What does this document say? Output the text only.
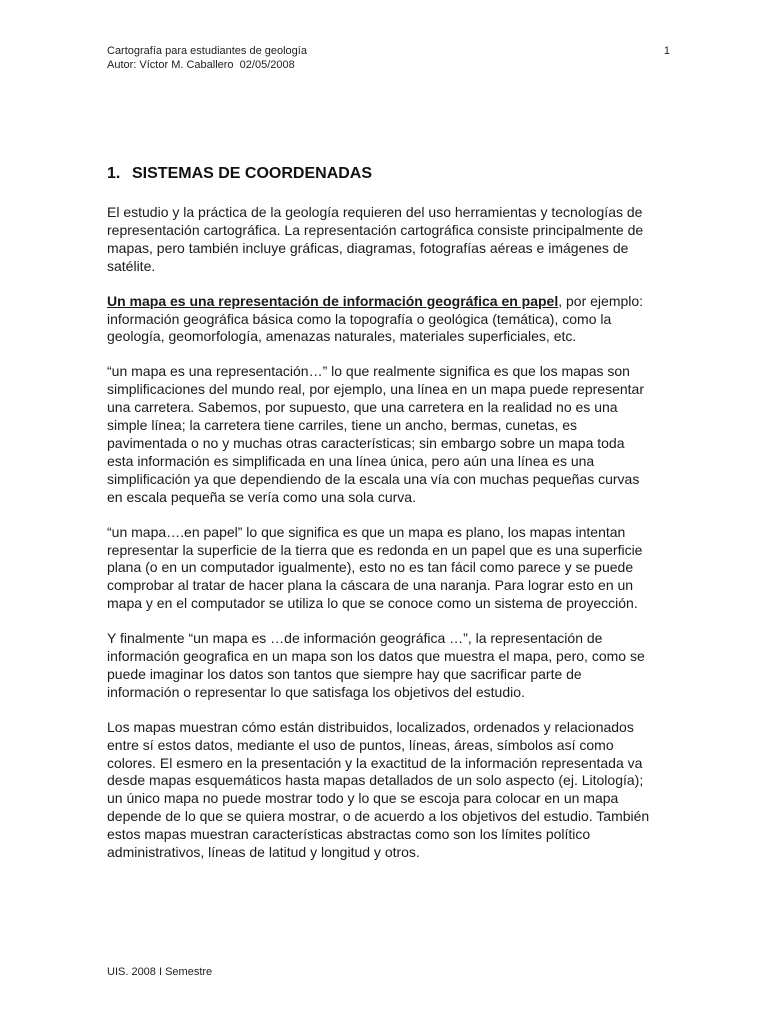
Cartografía para estudiantes de geología
Autor: Víctor M. Caballero  02/05/2008
1
1. SISTEMAS DE COORDENADAS

El estudio y la práctica de la geología requieren del uso herramientas y tecnologías de representación cartográfica. La representación cartográfica consiste principalmente de mapas, pero también incluye gráficas, diagramas, fotografías aéreas e imágenes de satélite.

Un mapa es una representación de información geográfica en papel, por ejemplo: información geográfica básica como la topografía o geológica (temática), como la geología, geomorfología, amenazas naturales, materiales superficiales, etc.

“un mapa es una representación…” lo que realmente significa es que los mapas son simplificaciones del mundo real, por ejemplo, una línea en un mapa puede representar una carretera. Sabemos, por supuesto, que una carretera en la realidad no es una simple línea; la carretera tiene carriles, tiene un ancho, bermas, cunetas, es pavimentada o no y muchas otras características; sin embargo sobre un mapa toda esta información es simplificada en una línea única, pero aún una línea es una simplificación ya que dependiendo de la escala una vía con muchas pequeñas curvas en escala pequeña se vería como una sola curva.

“un mapa….en papel” lo que significa es que un mapa es plano, los mapas intentan representar la superficie de la tierra que es redonda en un papel que es una superficie plana (o en un computador igualmente), esto no es tan fácil como parece y se puede comprobar al tratar de hacer plana la cáscara de una naranja. Para lograr esto en un mapa y en el computador se utiliza lo que se conoce como un sistema de proyección.

Y finalmente “un mapa es …de información geográfica …”, la representación de información geografica en un mapa son los datos que muestra el mapa, pero, como se puede imaginar los datos son tantos que siempre hay que sacrificar parte de información o representar lo que satisfaga los objetivos del estudio.

Los mapas muestran cómo están distribuidos, localizados, ordenados y relacionados entre sí estos datos, mediante el uso de puntos, líneas, áreas, símbolos así como colores. El esmero en la presentación y la exactitud de la información representada va desde mapas esquemáticos hasta mapas detallados de un solo aspecto (ej. Litología); un único mapa no puede mostrar todo y lo que se escoja para colocar en un mapa depende de lo que se quiera mostrar, o de acuerdo a los objetivos del estudio. También estos mapas muestran características abstractas como son los límites político administrativos, líneas de latitud y longitud y otros.

UIS. 2008 I Semestre
